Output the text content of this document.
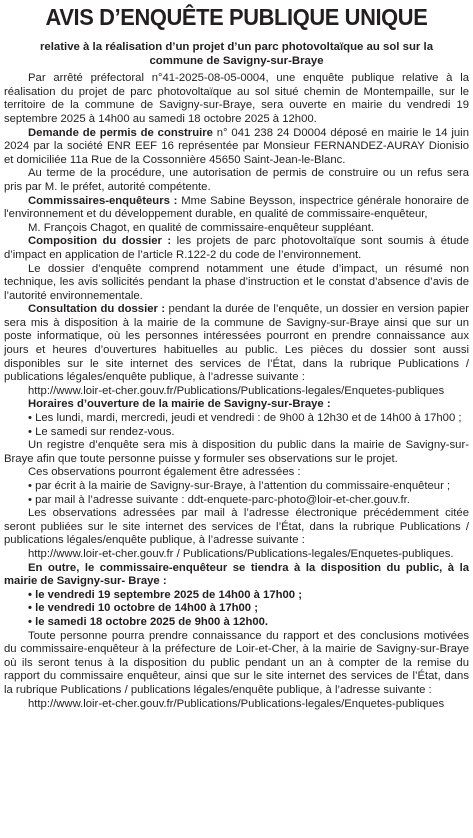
AVIS D’ENQUÊTE PUBLIQUE UNIQUE
relative à la réalisation d’un projet d’un parc photovoltaïque au sol sur la
commune de Savigny-sur-Braye

Par arrêté préfectoral n°41-2025-08-05-0004, une enquête publique relative à la réalisation du projet de parc photovoltaïque au sol situé chemin de Montempaille, sur le territoire de la commune de Savigny-sur-Braye, sera ouverte en mairie du vendredi 19 septembre 2025 à 14h00 au samedi 18 octobre 2025 à 12h00.

Demande de permis de construire n° 041 238 24 D0004 déposé en mairie le 14 juin 2024 par la société ENR EEF 16 représentée par Monsieur FERNANDEZ-AURAY Dionisio et domiciliée 11a Rue de la Cossonnière 45650 Saint-Jean-le-Blanc.

Au terme de la procédure, une autorisation de permis de construire ou un refus sera pris par M. le préfet, autorité compétente.

Commissaires-enquêteurs : Mme Sabine Beysson, inspectrice générale honoraire de l'environnement et du développement durable, en qualité de commissaire-enquêteur,

M. François Chagot, en qualité de commissaire-enquêteur suppléant.

Composition du dossier : les projets de parc photovoltaïque sont soumis à étude d’impact en application de l’article R.122-2 du code de l’environnement.

Le dossier d’enquête comprend notamment une étude d’impact, un résumé non technique, les avis sollicités pendant la phase d’instruction et le constat d’absence d’avis de l’autorité environnementale.

Consultation du dossier : pendant la durée de l’enquête, un dossier en version papier sera mis à disposition à la mairie de la commune de Savigny-sur-Braye ainsi que sur un poste informatique, où les personnes intéressées pourront en prendre connaissance aux jours et heures d’ouvertures habituelles au public. Les pièces du dossier sont aussi disponibles sur le site internet des services de l’État, dans la rubrique Publications / publications légales/enquête publique, à l’adresse suivante :

http://www.loir-et-cher.gouv.fr/Publications/Publications-legales/Enquetes-publiques

Horaires d’ouverture de la mairie de Savigny-sur-Braye :

• Les lundi, mardi, mercredi, jeudi et vendredi : de 9h00 à 12h30 et de 14h00 à 17h00 ;

• Le samedi sur rendez-vous.

Un registre d’enquête sera mis à disposition du public dans la mairie de Savigny-sur-Braye afin que toute personne puisse y formuler ses observations sur le projet.

Ces observations pourront également être adressées :

• par écrit à la mairie de Savigny-sur-Braye, à l’attention du commissaire-enquêteur ;

• par mail à l’adresse suivante : ddt-enquete-parc-photo@loir-et-cher.gouv.fr.

Les observations adressées par mail à l’adresse électronique précédemment citée seront publiées sur le site internet des services de l’État, dans la rubrique Publications / publications légales/enquête publique, à l’adresse suivante :

http://www.loir-et-cher.gouv.fr / Publications/Publications-legales/Enquetes-publiques.

En outre, le commissaire-enquêteur se tiendra à la disposition du public, à la mairie de Savigny-sur- Braye :

• le vendredi 19 septembre 2025 de 14h00 à 17h00 ;

• le vendredi 10 octobre de 14h00 à 17h00 ;

• le samedi 18 octobre 2025 de 9h00 à 12h00.

Toute personne pourra prendre connaissance du rapport et des conclusions motivées du commissaire-enquêteur à la préfecture de Loir-et-Cher, à la mairie de Savigny-sur-Braye où ils seront tenus à la disposition du public pendant un an à compter de la remise du rapport du commissaire enquêteur, ainsi que sur le site internet des services de l’État, dans la rubrique Publications / publications légales/enquête publique, à l’adresse suivante :

http://www.loir-et-cher.gouv.fr/Publications/Publications-legales/Enquetes-publiques
